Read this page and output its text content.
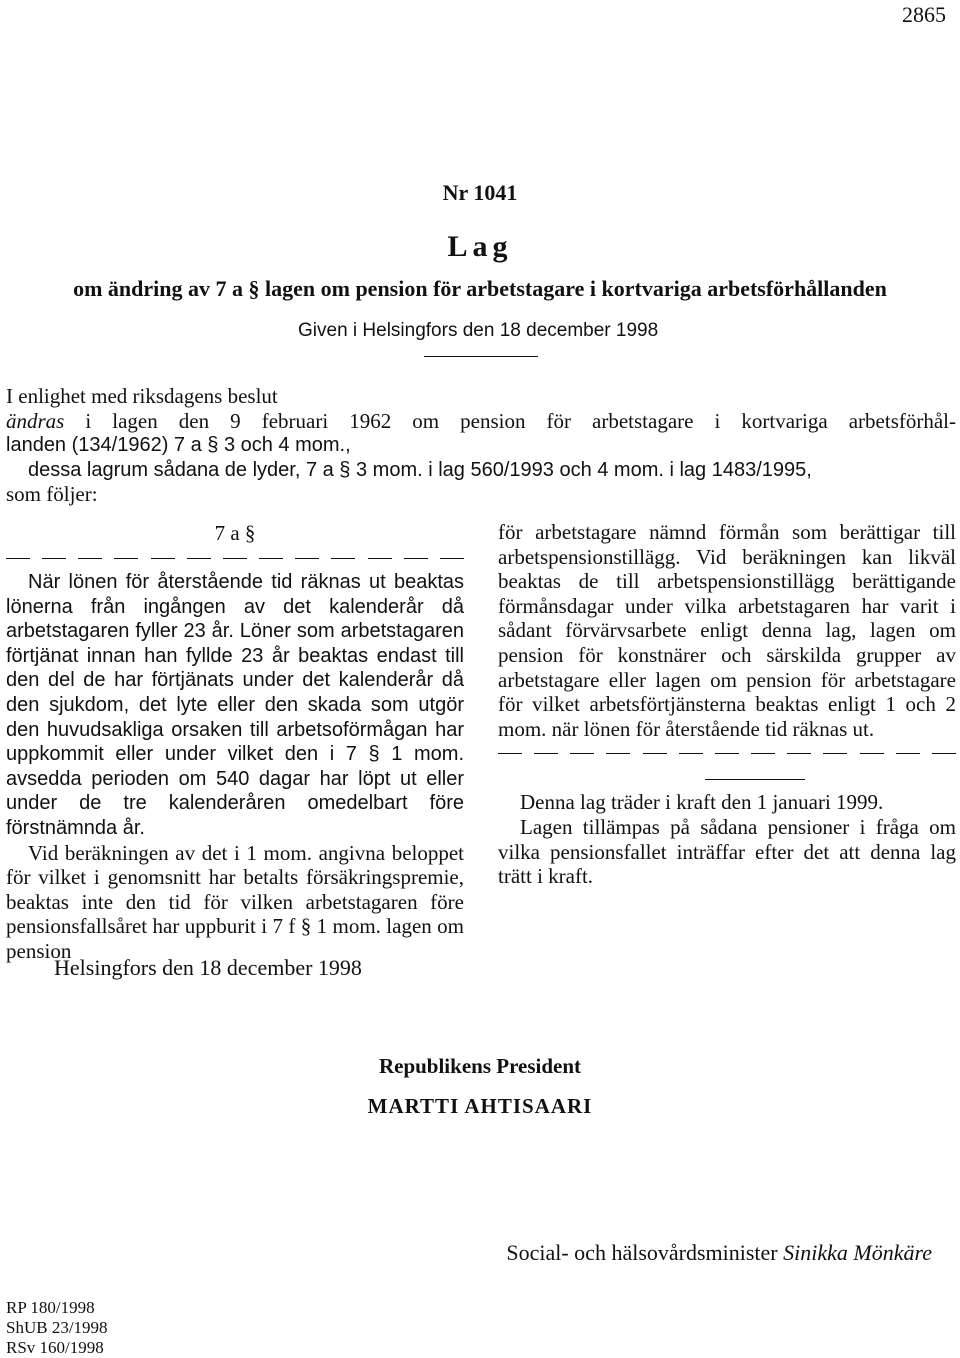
2865
Nr 1041
Lag
om ändring av 7 a § lagen om pension för arbetstagare i kortvariga arbetsförhållanden
Given i Helsingfors den 18 december 1998
I enlighet med riksdagens beslut
ändras i lagen den 9 februari 1962 om pension för arbetstagare i kortvariga arbetsförhål-
landen (134/1962) 7 a § 3 och 4 mom.,
dessa lagrum sådana de lyder, 7 a § 3 mom. i lag 560/1993 och 4 mom. i lag 1483/1995,
som följer:
7 a §

När lönen för återstående tid räknas ut beaktas lönerna från ingången av det kalenderår då arbetstagaren fyller 23 år. Löner som arbetstagaren förtjänat innan han fyllde 23 år beaktas endast till den del de har förtjänats under det kalenderår då den sjukdom, det lyte eller den skada som utgör den huvudsakliga orsaken till arbetsoförmågan har uppkommit eller under vilket den i 7 § 1 mom. avsedda perioden om 540 dagar har löpt ut eller under de tre kalenderåren omedelbart före förstnämnda år.

Vid beräkningen av det i 1 mom. angivna beloppet för vilket i genomsnitt har betalts försäkringspremie, beaktas inte den tid för vilken arbetstagaren före pensionsfallsåret har uppburit i 7 f § 1 mom. lagen om pension

för arbetstagare nämnd förmån som berättigar till arbetspensionstillägg. Vid beräkningen kan likväl beaktas de till arbetspensionstillägg berättigande förmånsdagar under vilka arbetstagaren har varit i sådant förvärvsarbete enligt denna lag, lagen om pension för konstnärer och särskilda grupper av arbetstagare eller lagen om pension för arbetstagare för vilket arbetsförtjänsterna beaktas enligt 1 och 2 mom. när lönen för återstående tid räknas ut.

Denna lag träder i kraft den 1 januari 1999.

Lagen tillämpas på sådana pensioner i fråga om vilka pensionsfallet inträffar efter det att denna lag trätt i kraft.

Helsingfors den 18 december 1998
Republikens President
MARTTI AHTISAARI
Social- och hälsovårdsminister Sinikka Mönkäre
RP 180/1998
ShUB 23/1998
RSv 160/1998
